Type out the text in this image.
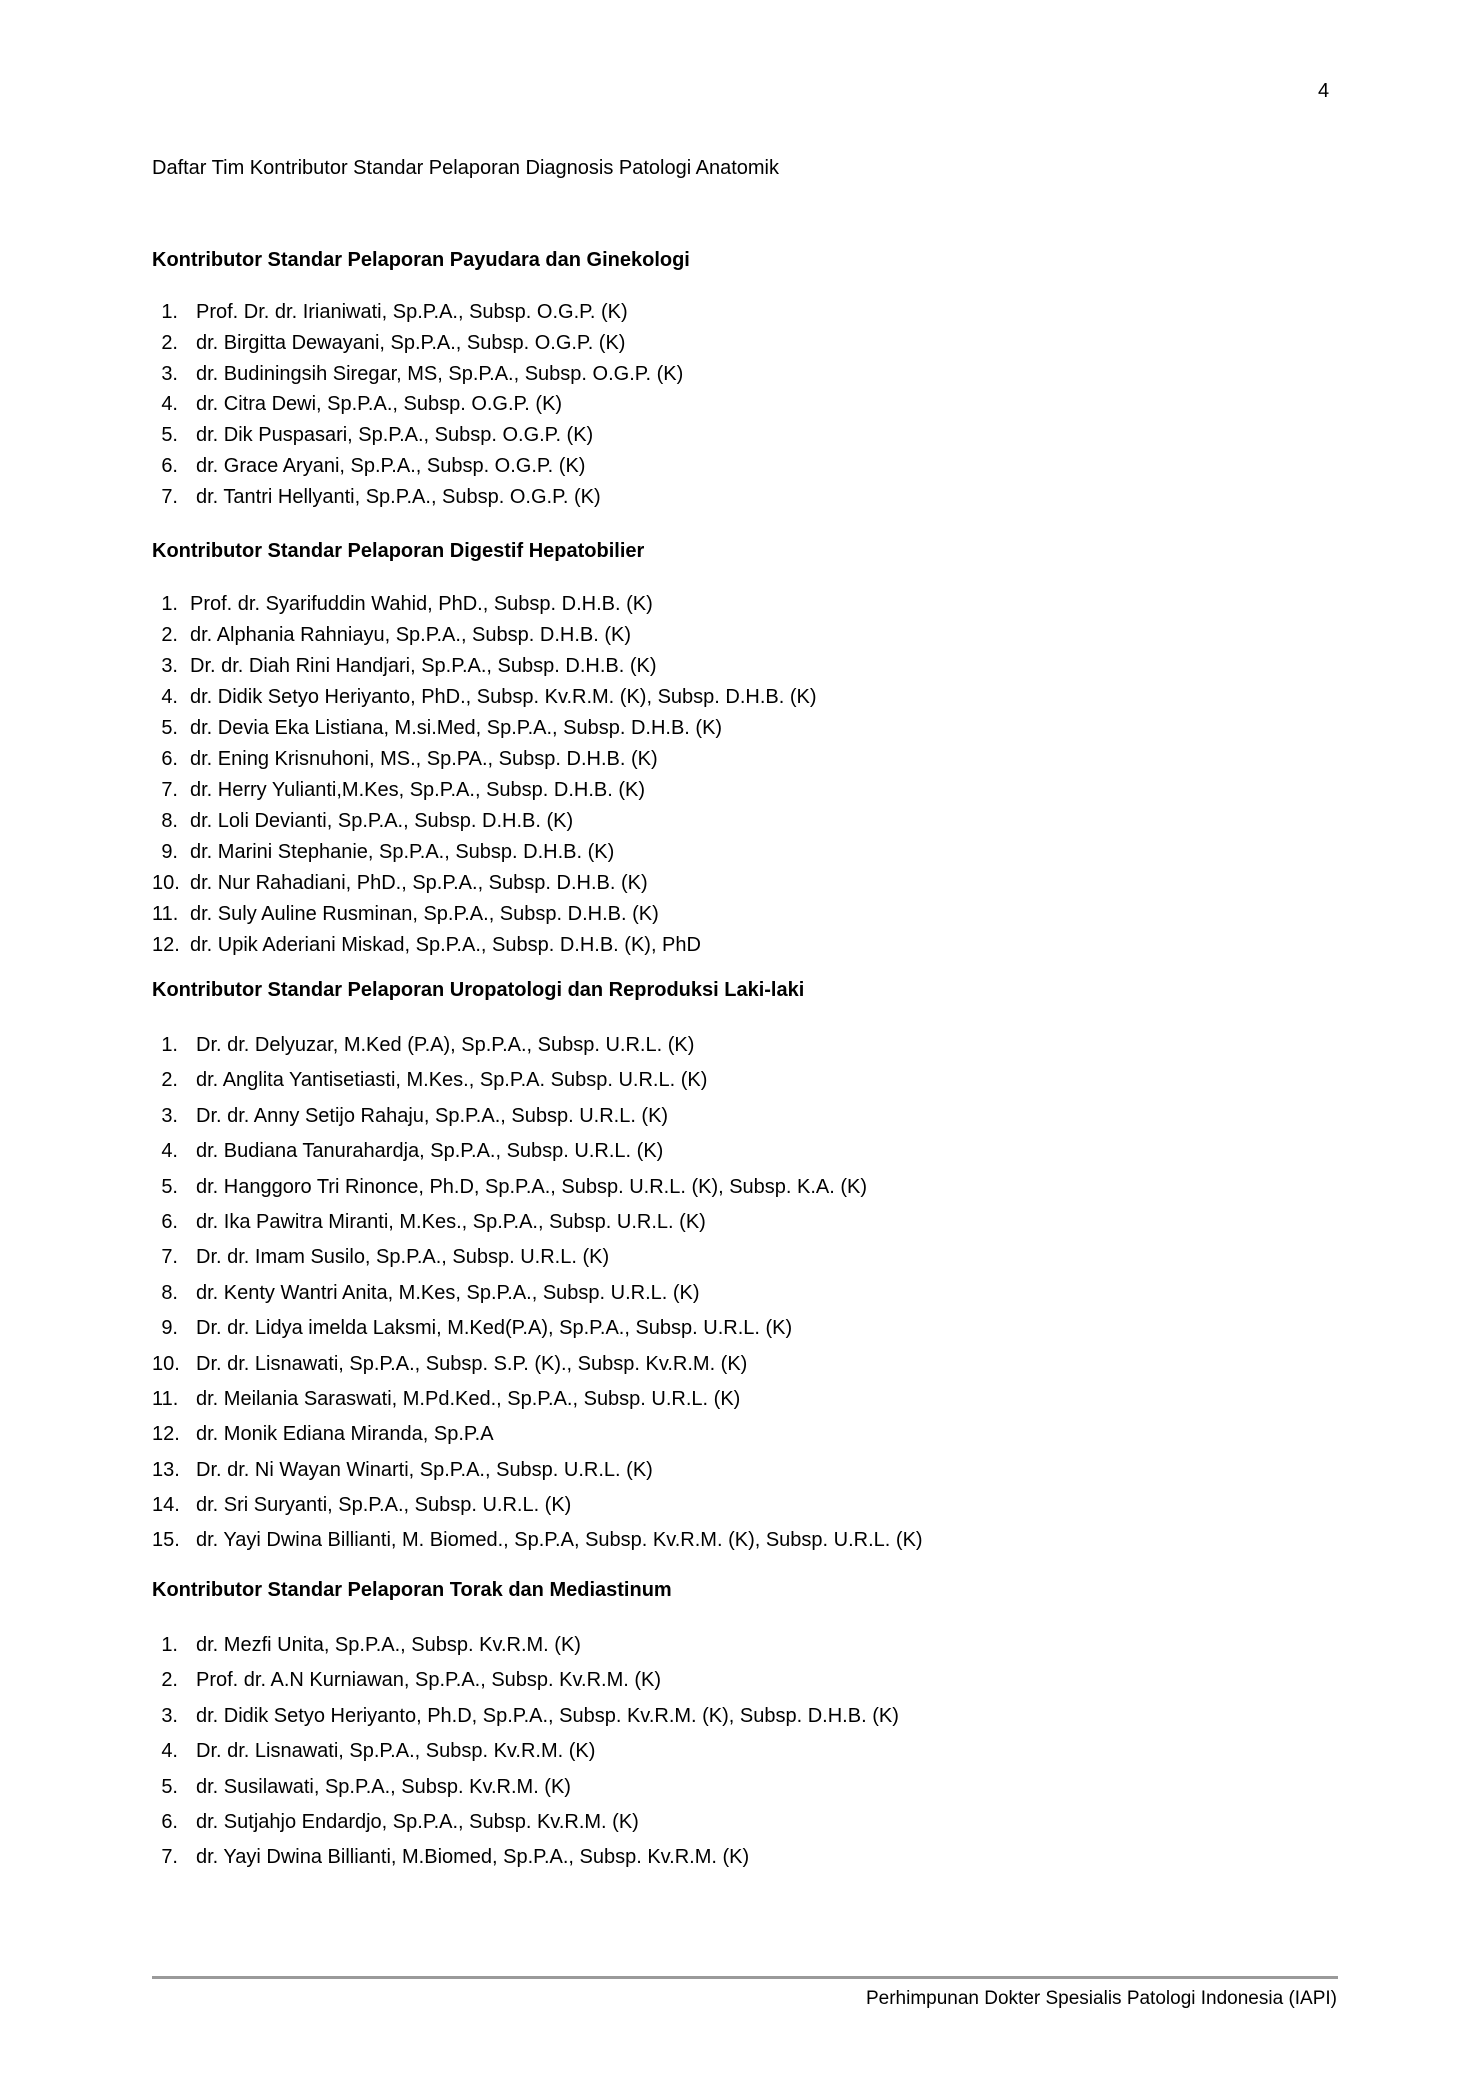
4
Daftar Tim Kontributor Standar Pelaporan Diagnosis Patologi Anatomik
Kontributor Standar Pelaporan Payudara dan Ginekologi
1. Prof. Dr. dr. Irianiwati, Sp.P.A., Subsp. O.G.P. (K)
2. dr. Birgitta Dewayani, Sp.P.A., Subsp. O.G.P. (K)
3. dr. Budiningsih Siregar, MS, Sp.P.A., Subsp. O.G.P. (K)
4. dr. Citra Dewi, Sp.P.A., Subsp. O.G.P. (K)
5. dr. Dik Puspasari, Sp.P.A., Subsp. O.G.P. (K)
6. dr. Grace Aryani, Sp.P.A., Subsp. O.G.P. (K)
7. dr. Tantri Hellyanti, Sp.P.A., Subsp. O.G.P. (K)
Kontributor Standar Pelaporan Digestif Hepatobilier
1. Prof. dr. Syarifuddin Wahid, PhD., Subsp. D.H.B. (K)
2. dr. Alphania Rahniayu, Sp.P.A., Subsp. D.H.B. (K)
3. Dr. dr. Diah Rini Handjari, Sp.P.A., Subsp. D.H.B. (K)
4. dr. Didik Setyo Heriyanto, PhD., Subsp. Kv.R.M. (K), Subsp. D.H.B. (K)
5. dr. Devia Eka Listiana, M.si.Med, Sp.P.A., Subsp. D.H.B. (K)
6. dr. Ening Krisnuhoni, MS., Sp.PA., Subsp. D.H.B. (K)
7. dr. Herry Yulianti,M.Kes, Sp.P.A., Subsp. D.H.B. (K)
8. dr. Loli Devianti, Sp.P.A., Subsp. D.H.B. (K)
9. dr. Marini Stephanie, Sp.P.A., Subsp. D.H.B. (K)
10. dr. Nur Rahadiani, PhD., Sp.P.A., Subsp. D.H.B. (K)
11. dr. Suly Auline Rusminan, Sp.P.A., Subsp. D.H.B. (K)
12. dr. Upik Aderiani Miskad, Sp.P.A., Subsp. D.H.B. (K), PhD
Kontributor Standar Pelaporan Uropatologi dan Reproduksi Laki-laki
1. Dr. dr. Delyuzar, M.Ked (P.A), Sp.P.A., Subsp. U.R.L. (K)
2. dr. Anglita Yantisetiasti, M.Kes., Sp.P.A. Subsp. U.R.L. (K)
3. Dr. dr. Anny Setijo Rahaju, Sp.P.A., Subsp. U.R.L. (K)
4. dr. Budiana Tanurahardja, Sp.P.A., Subsp. U.R.L. (K)
5. dr. Hanggoro Tri Rinonce, Ph.D, Sp.P.A., Subsp. U.R.L. (K), Subsp. K.A. (K)
6. dr. Ika Pawitra Miranti, M.Kes., Sp.P.A., Subsp. U.R.L. (K)
7. Dr. dr. Imam Susilo, Sp.P.A., Subsp. U.R.L. (K)
8. dr. Kenty Wantri Anita, M.Kes, Sp.P.A., Subsp. U.R.L. (K)
9. Dr. dr. Lidya imelda Laksmi, M.Ked(P.A), Sp.P.A., Subsp. U.R.L. (K)
10. Dr. dr. Lisnawati, Sp.P.A., Subsp. S.P. (K)., Subsp. Kv.R.M. (K)
11. dr. Meilania Saraswati, M.Pd.Ked., Sp.P.A., Subsp. U.R.L. (K)
12. dr. Monik Ediana Miranda, Sp.P.A
13. Dr. dr. Ni Wayan Winarti, Sp.P.A., Subsp. U.R.L. (K)
14. dr. Sri Suryanti, Sp.P.A., Subsp. U.R.L. (K)
15. dr. Yayi Dwina Billianti, M. Biomed., Sp.P.A, Subsp. Kv.R.M. (K), Subsp. U.R.L. (K)
Kontributor Standar Pelaporan Torak dan Mediastinum
1. dr. Mezfi Unita, Sp.P.A., Subsp. Kv.R.M. (K)
2. Prof. dr. A.N Kurniawan, Sp.P.A., Subsp. Kv.R.M. (K)
3. dr. Didik Setyo Heriyanto, Ph.D, Sp.P.A., Subsp. Kv.R.M. (K), Subsp. D.H.B. (K)
4. Dr. dr. Lisnawati, Sp.P.A., Subsp. Kv.R.M. (K)
5. dr. Susilawati, Sp.P.A., Subsp. Kv.R.M. (K)
6. dr. Sutjahjo Endardjo, Sp.P.A., Subsp. Kv.R.M. (K)
7. dr. Yayi Dwina Billianti, M.Biomed, Sp.P.A., Subsp. Kv.R.M. (K)
Perhimpunan Dokter Spesialis Patologi Indonesia (IAPI)
